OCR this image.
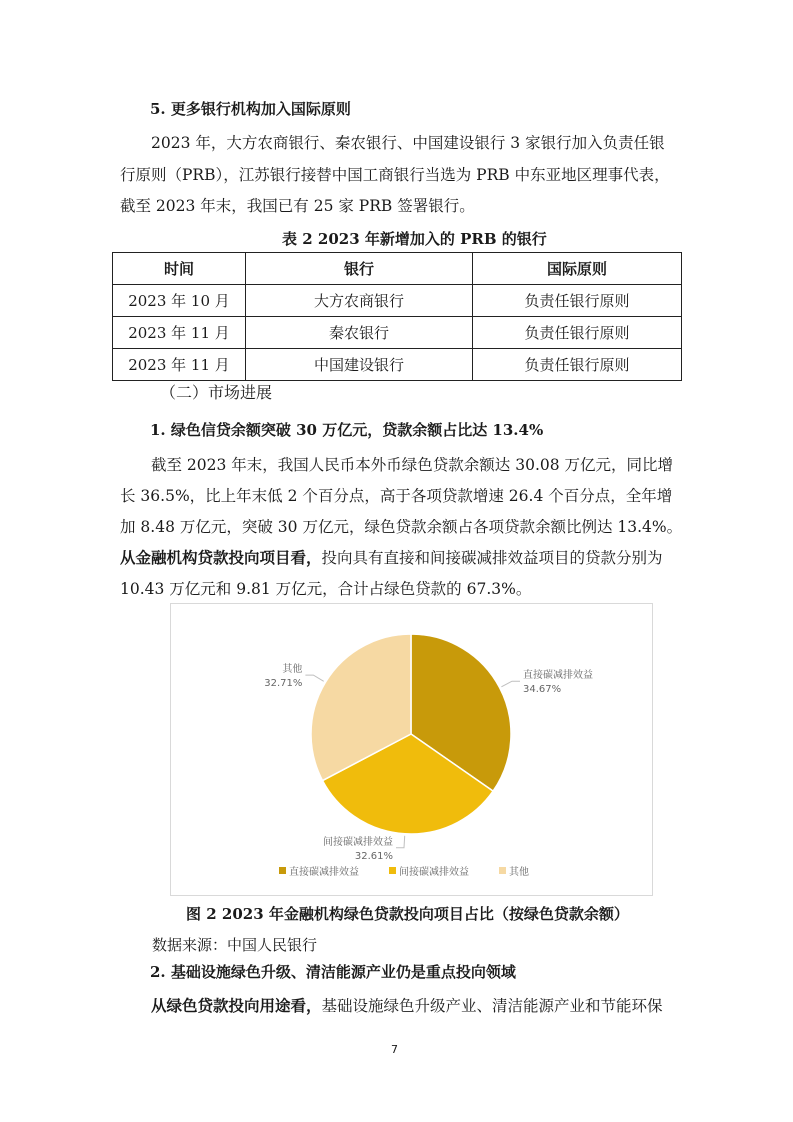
5. 更多银行机构加入国际原则
2023 年，大方农商银行、秦农银行、中国建设银行 3 家银行加入负责任银
行原则（PRB），江苏银行接替中国工商银行当选为 PRB 中东亚地区理事代表，
截至 2023 年末，我国已有 25 家 PRB 签署银行。
表 2 2023 年新增加入的 PRB 的银行
时间	银行	国际原则
2023 年 10 月	大方农商银行	负责任银行原则
2023 年 11 月	秦农银行	负责任银行原则
2023 年 11 月	中国建设银行	负责任银行原则
（二）市场进展
1. 绿色信贷余额突破 30 万亿元，贷款余额占比达 13.4%
截至 2023 年末，我国人民币本外币绿色贷款余额达 30.08 万亿元，同比增
长 36.5%，比上年末低 2 个百分点，高于各项贷款增速 26.4 个百分点，全年增
加 8.48 万亿元，突破 30 万亿元，绿色贷款余额占各项贷款余额比例达 13.4%。
从金融机构贷款投向项目看，投向具有直接和间接碳减排效益项目的贷款分别为
10.43 万亿元和 9.81 万亿元，合计占绿色贷款的 67.3%。
直接碳减排效益
34.67%
间接碳减排效益
32.61%
其他
32.71%
直接碳减排效益	间接碳减排效益	其他
图 2 2023 年金融机构绿色贷款投向项目占比（按绿色贷款余额）
数据来源：中国人民银行
2. 基础设施绿色升级、清洁能源产业仍是重点投向领域
从绿色贷款投向用途看，基础设施绿色升级产业、清洁能源产业和节能环保
7
